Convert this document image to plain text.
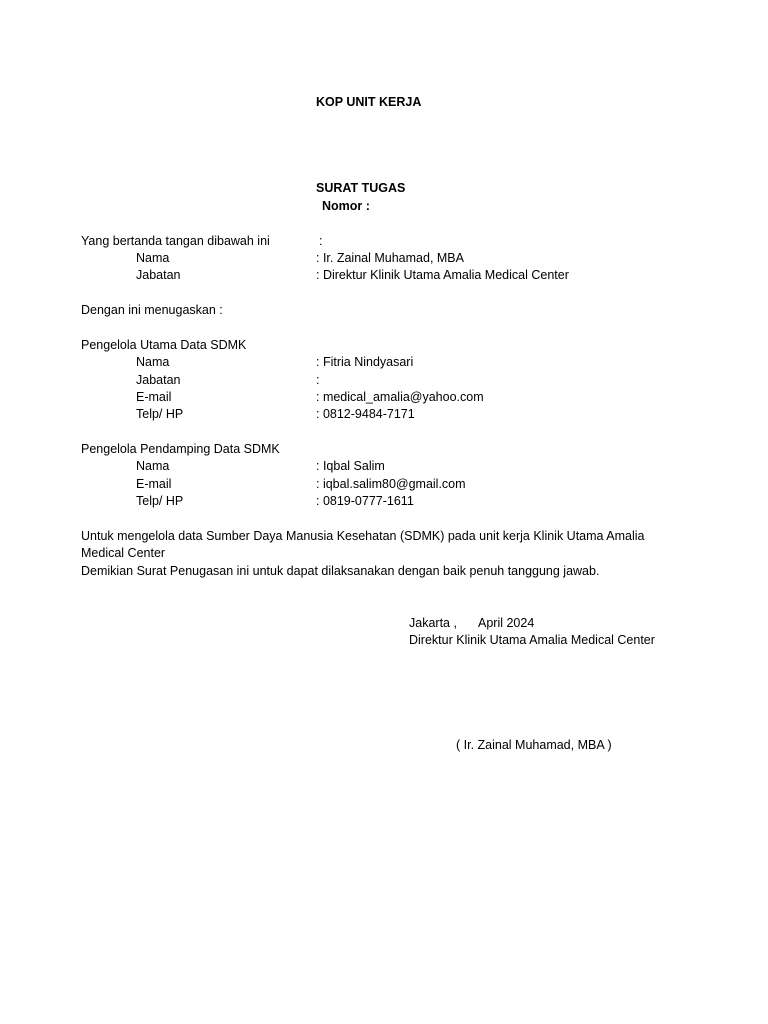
KOP UNIT KERJA
SURAT TUGAS
Nomor :
Yang bertanda tangan dibawah ini	:
Nama	: Ir. Zainal Muhamad, MBA
Jabatan	: Direktur Klinik Utama Amalia Medical Center
Dengan ini menugaskan :
Pengelola Utama Data SDMK
Nama	: Fitria Nindyasari
Jabatan	:
E-mail	: medical_amalia@yahoo.com
Telp/ HP	: 0812-9484-7171
Pengelola Pendamping Data SDMK
Nama	: Iqbal Salim
E-mail	: iqbal.salim80@gmail.com
Telp/ HP	: 0819-0777-1611
Untuk mengelola data Sumber Daya Manusia Kesehatan (SDMK) pada unit kerja Klinik Utama Amalia Medical Center
Demikian Surat Penugasan ini untuk dapat dilaksanakan dengan baik penuh tanggung jawab.
Jakarta , April 2024
Direktur Klinik Utama Amalia Medical Center
( Ir. Zainal Muhamad, MBA )
